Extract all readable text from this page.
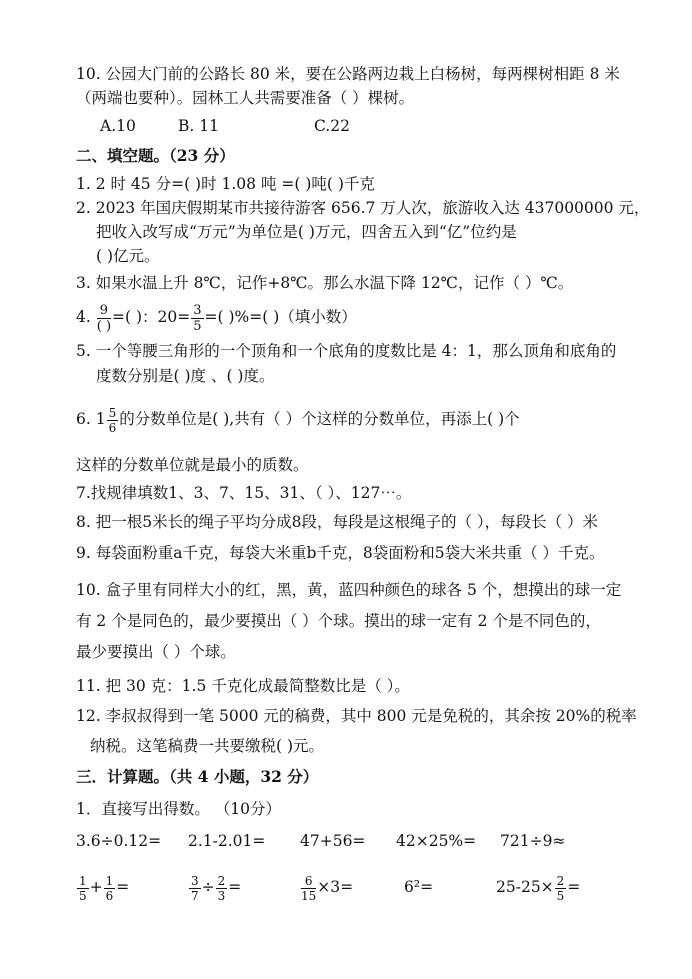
10. 公园大门前的公路长 80 米，要在公路两边栽上白杨树，每两棵树相距 8 米
（两端也要种）。园林工人共需要准备（ ）棵树。
A.10	B. 11	C.22
二、填空题。（23 分）
1. 2 时 45 分=( )时 1.08 吨 =( )吨( )千克
2. 2023 年国庆假期某市共接待游客 656.7 万人次，旅游收入达 437000000 元，
把收入改写成“万元”为单位是( )万元，四舍五入到“亿”位约是
( )亿元。
3. 如果水温上升 8℃，记作+8℃。那么水温下降 12℃，记作（ ）℃。
4. $\frac{9}{( )}$ =( )：$20= \frac{3}{5}$ =( )%=( )（填小数）
5. 一个等腰三角形的一个顶角和一个底角的度数比是 4：1，那么顶角和底角的
度数分别是( )度 、( )度。
6. $1 \frac{5}{6}$ 的分数单位是( ),共有（ ）个这样的分数单位，再添上( )个
这样的分数单位就是最小的质数。
7.找规律填数1、3、7、15、31、（ ）、127⋯。
8. 把一根5米长的绳子平均分成8段，每段是这根绳子的（ ），每段长（ ）米
9. 每袋面粉重a千克，每袋大米重b千克，8袋面粉和5袋大米共重（ ）千克。
10. 盒子里有同样大小的红，黑，黄，蓝四种颜色的球各 5 个，想摸出的球一定
有 2 个是同色的，最少要摸出（ ）个球。摸出的球一定有 2 个是不同色的，
最少要摸出（ ）个球。
11. 把 30 克：1.5 千克化成最简整数比是（ ）。
12. 李叔叔得到一笔 5000 元的稿费，其中 800 元是免税的，其余按 20%的税率
纳税。这笔稿费一共要缴税( )元。
三．计算题。（共 4 小题，32 分）
1．直接写出得数。 （10分）
3.6÷0.12= 2.1-2.01= 47+56= 42×25%= 721÷9≈
$\frac{1}{5} + \frac{1}{6}$ =	$\frac{3}{7} \div \frac{2}{3}$ =	$\frac{6}{15} \times 3=$	6²=	$25-25\times \frac{2}{5}$ =
